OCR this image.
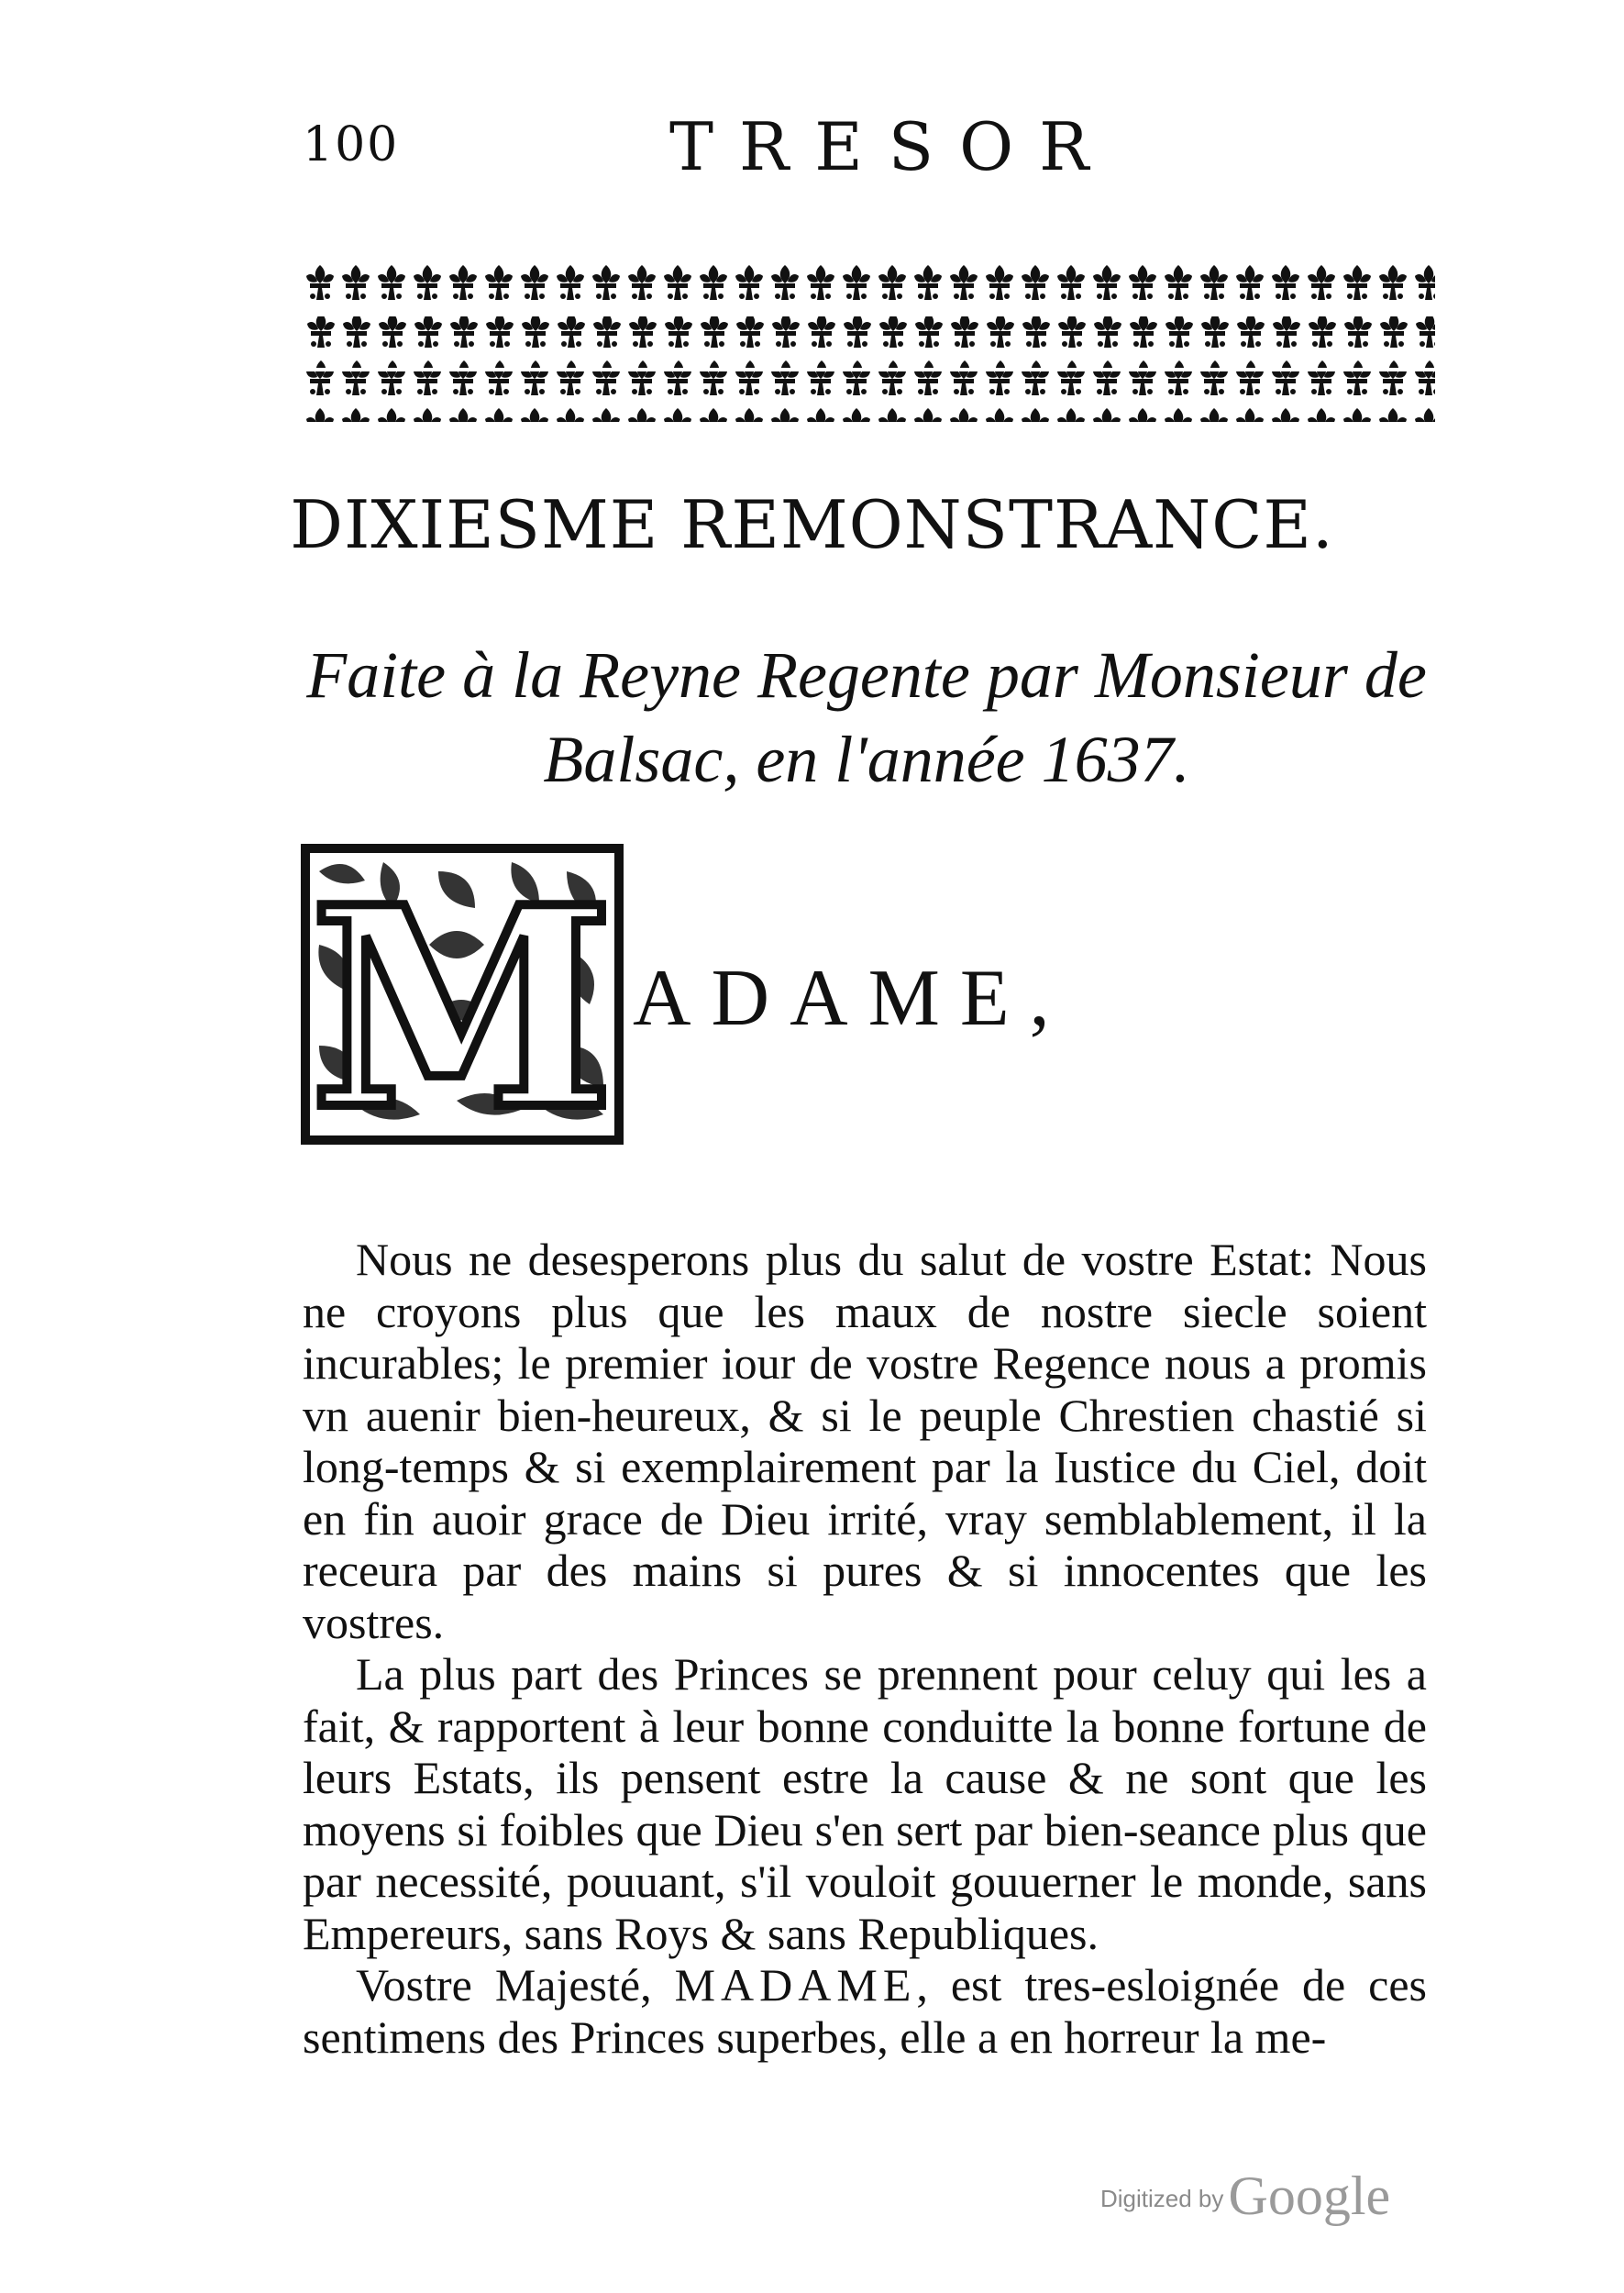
100	TRESOR
DIXIESME REMONSTRANCE.
Faite à la Reyne Regente par Monsieur de Balsac, en l'année 1637.
M ADAME,

Nous ne desesperons plus du salut de vostre Estat: Nous ne croyons plus que les maux de nostre siecle soient incurables; le premier iour de vostre Regence nous a promis vn auenir bien-heureux, & si le peuple Chrestien chastié si long-temps & si exemplairement par la Iustice du Ciel, doit en fin auoir grace de Dieu irrité, vray semblablement, il la receura par des mains si pures & si innocentes que les vostres.

La plus part des Princes se prennent pour celuy qui les a fait, & rapportent à leur bonne conduitte la bonne fortune de leurs Estats, ils pensent estre la cause & ne sont que les moyens si foibles que Dieu s'en sert par bien-seance plus que par necessité, pouuant, s'il vouloit gouuerner le monde, sans Empereurs, sans Roys & sans Republiques.

Vostre Majesté, MADAME, est tres-esloignée de ces sentimens des Princes superbes, elle a en horreur la me-

Digitized by Google
